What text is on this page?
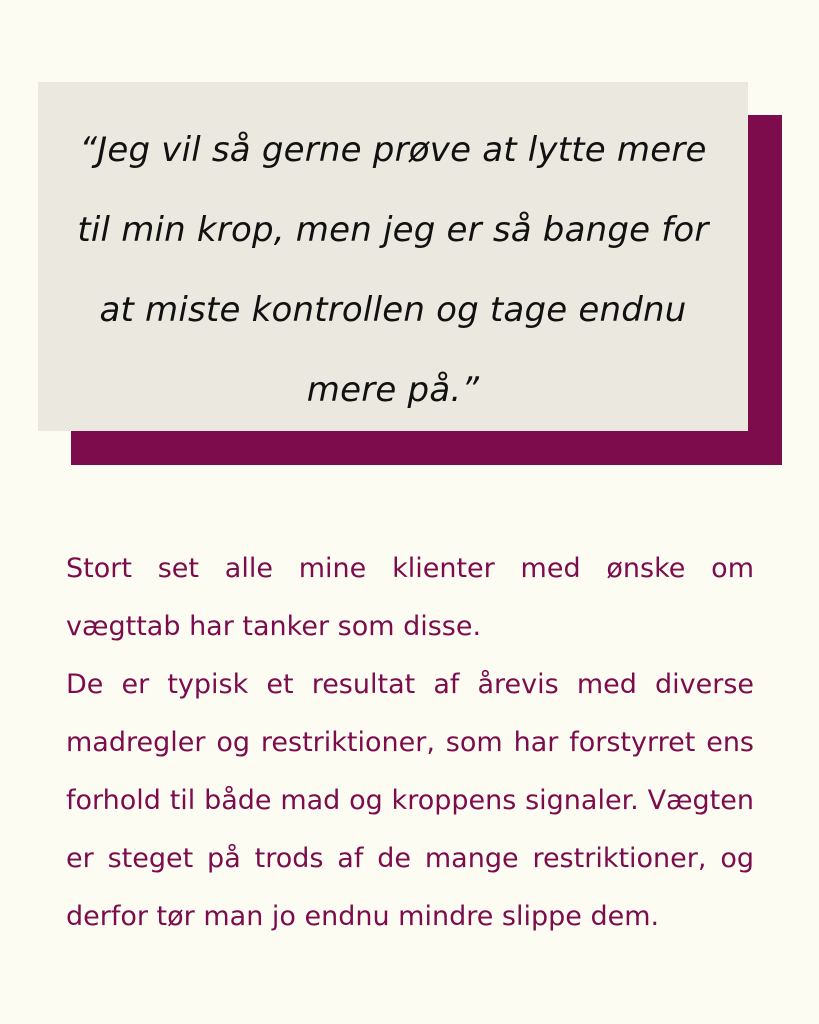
“Jeg vil så gerne prøve at lytte mere til min krop, men jeg er så bange for at miste kontrollen og tage endnu mere på.”

Stort set alle mine klienter med ønske om vægttab har tanker som disse.
De er typisk et resultat af årevis med diverse madregler og restriktioner, som har forstyrret ens forhold til både mad og kroppens signaler. Vægten er steget på trods af de mange restriktioner, og derfor tør man jo endnu mindre slippe dem.
